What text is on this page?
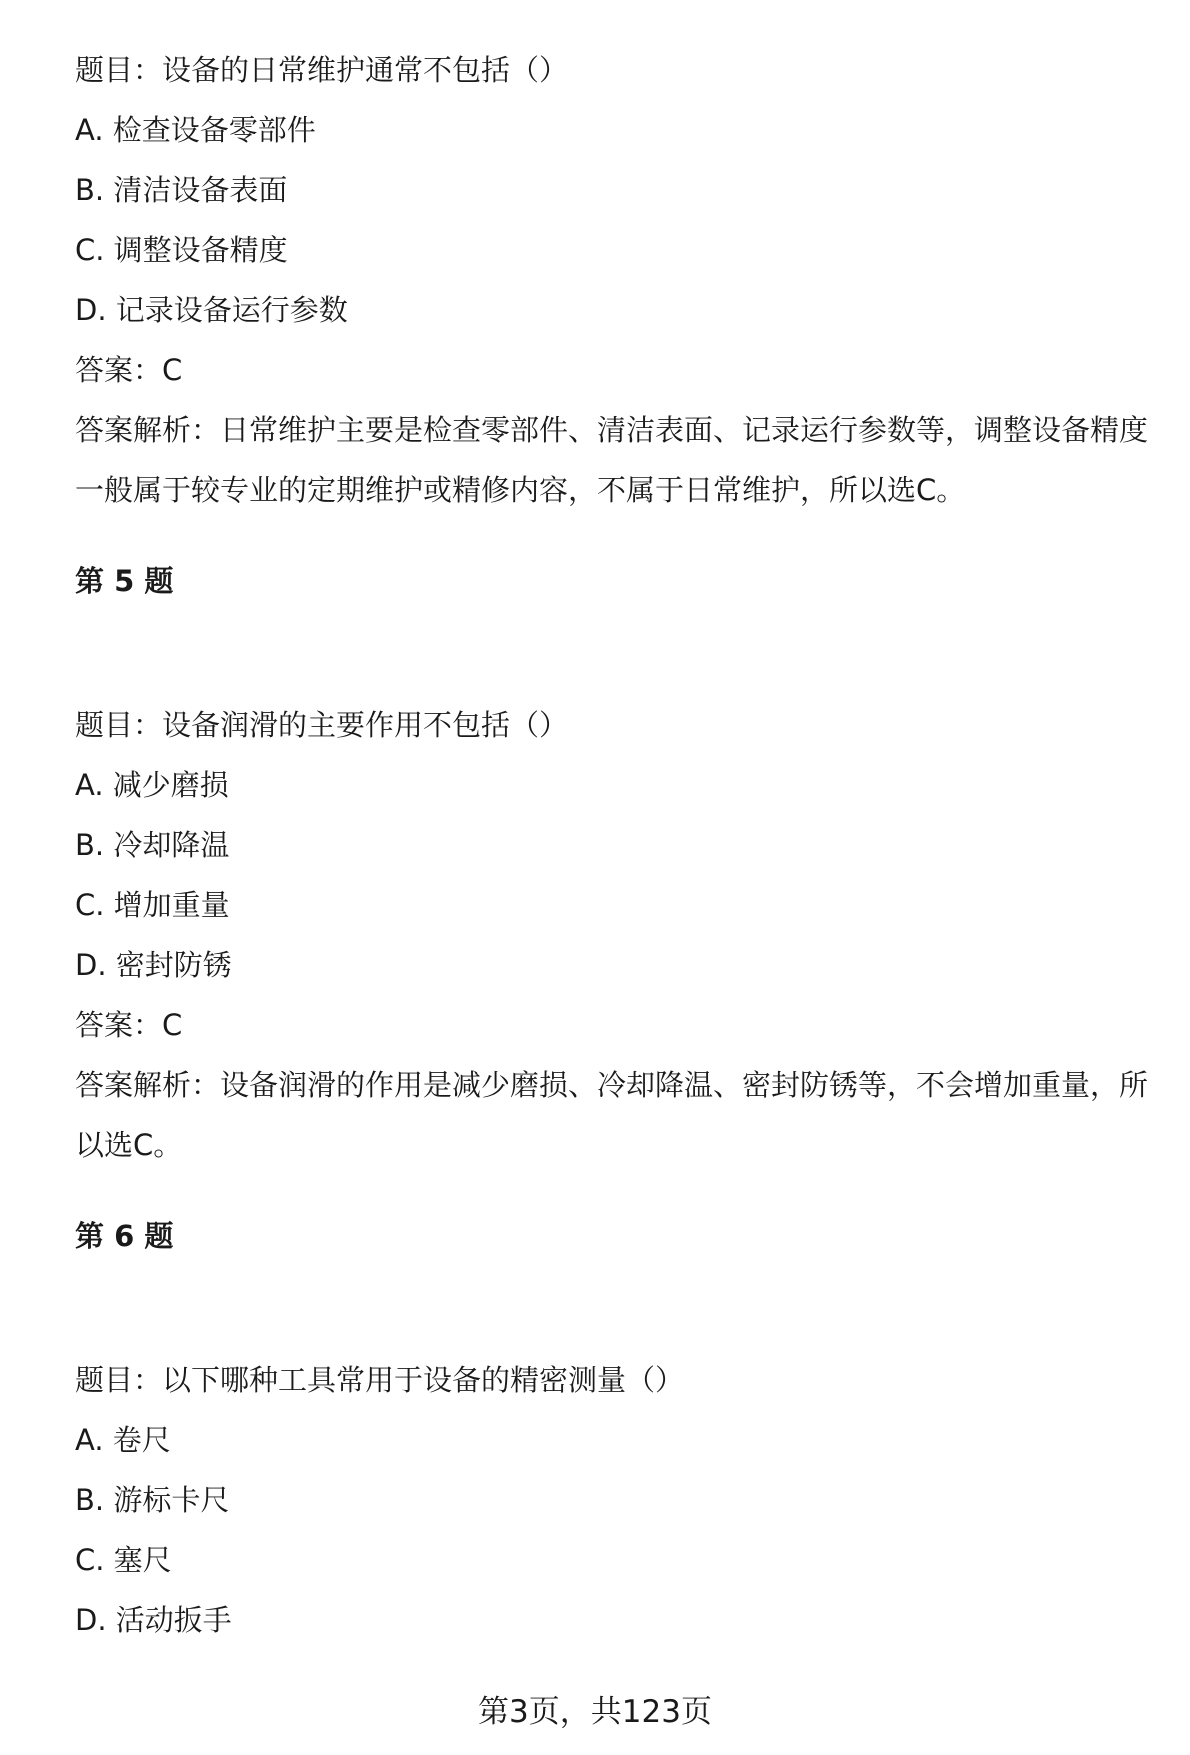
题目：设备的日常维护通常不包括（）
A. 检查设备零部件
B. 清洁设备表面
C. 调整设备精度
D. 记录设备运行参数
答案：C
答案解析：日常维护主要是检查零部件、清洁表面、记录运行参数等，调整设备精度一般属于较专业的定期维护或精修内容，不属于日常维护，所以选C。
第 5 题
题目：设备润滑的主要作用不包括（）
A. 减少磨损
B. 冷却降温
C. 增加重量
D. 密封防锈
答案：C
答案解析：设备润滑的作用是减少磨损、冷却降温、密封防锈等，不会增加重量，所以选C。
第 6 题
题目：以下哪种工具常用于设备的精密测量（）
A. 卷尺
B. 游标卡尺
C. 塞尺
D. 活动扳手
第3页，共123页
